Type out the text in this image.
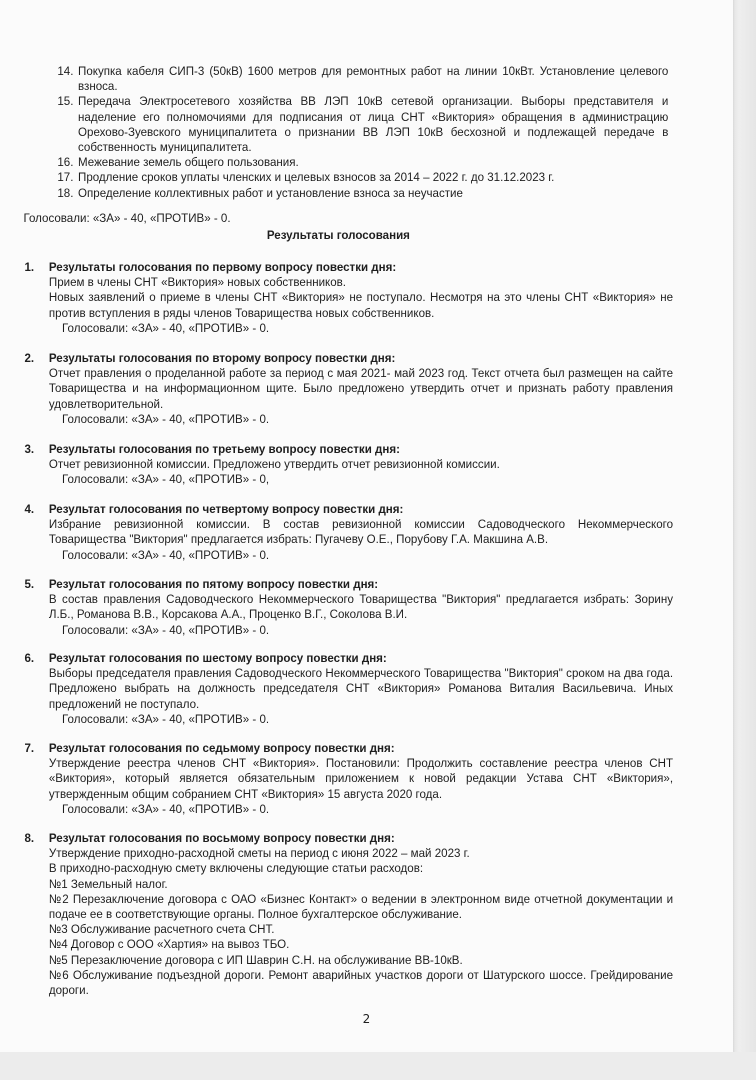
14. Покупка кабеля СИП-3 (50кВ) 1600 метров для ремонтных работ на линии 10кВт. Установление целевого взноса.
15. Передача Электросетевого хозяйства ВВ ЛЭП 10кВ сетевой организации. Выборы представителя и наделение его полномочиями для подписания от лица СНТ «Виктория» обращения в администрацию Орехово-Зуевского муниципалитета о признании ВВ ЛЭП 10кВ бесхозной и подлежащей передаче в собственность муниципалитета.
16. Межевание земель общего пользования.
17. Продление сроков уплаты членских и целевых взносов за 2014 – 2022 г. до 31.12.2023 г.
18. Определение коллективных работ и установление взноса за неучастие
Голосовали: «ЗА» - 40, «ПРОТИВ» - 0.
Результаты голосования
1.	Результаты голосования по первому вопросу повестки дня:

Прием в члены СНТ «Виктория» новых собственников.

Новых заявлений о приеме в члены СНТ «Виктория» не поступало. Несмотря на это члены СНТ «Виктория» не против вступления в ряды членов Товарищества новых собственников.

Голосовали: «ЗА» - 40, «ПРОТИВ» - 0.
2.	Результаты голосования по второму вопросу повестки дня:

Отчет правления о проделанной работе за период с мая 2021- май 2023 год. Текст отчета был размещен на сайте Товарищества и на информационном щите. Было предложено утвердить отчет и признать работу правления удовлетворительной.

Голосовали: «ЗА» - 40, «ПРОТИВ» - 0.
3.	Результаты голосования по третьему вопросу повестки дня:

Отчет ревизионной комиссии. Предложено утвердить отчет ревизионной комиссии.

Голосовали: «ЗА» - 40, «ПРОТИВ» - 0,
4.	Результат голосования по четвертому вопросу повестки дня:

Избрание ревизионной комиссии. В состав ревизионной комиссии Садоводческого Некоммерческого Товарищества "Виктория" предлагается избрать: Пугачеву О.Е., Порубову Г.А. Макшина А.В.

Голосовали: «ЗА» - 40, «ПРОТИВ» - 0.
5.	Результат голосования по пятому вопросу повестки дня:

В состав правления Садоводческого Некоммерческого Товарищества "Виктория" предлагается избрать: Зорину Л.Б., Романова В.В., Корсакова А.А., Проценко В.Г., Соколова В.И.

Голосовали: «ЗА» - 40, «ПРОТИВ» - 0.
6.	Результат голосования по шестому вопросу повестки дня:

Выборы председателя правления Садоводческого Некоммерческого Товарищества "Виктория" сроком на два года. Предложено выбрать на должность председателя СНТ «Виктория» Романова Виталия Васильевича. Иных предложений не поступало.

Голосовали: «ЗА» - 40, «ПРОТИВ» - 0.
7.	Результат голосования по седьмому вопросу повестки дня:

Утверждение реестра членов СНТ «Виктория». Постановили: Продолжить составление реестра членов СНТ «Виктория», который является обязательным приложением к новой редакции Устава СНТ «Виктория», утвержденным общим собранием СНТ «Виктория» 15 августа 2020 года.

Голосовали: «ЗА» - 40, «ПРОТИВ» - 0.
8.	Результат голосования по восьмому вопросу повестки дня:

Утверждение приходно-расходной сметы на период с июня 2022 – май 2023 г.

В приходно-расходную смету включены следующие статьи расходов:

№1 Земельный налог.

№2 Перезаключение договора с ОАО «Бизнес Контакт» о ведении в электронном виде отчетной документации и подаче ее в соответствующие органы. Полное бухгалтерское обслуживание.

№3 Обслуживание расчетного счета СНТ.

№4 Договор с ООО «Хартия» на вывоз ТБО.

№5 Перезаключение договора с ИП Шаврин С.Н. на обслуживание ВВ-10кВ.

№6 Обслуживание подъездной дороги. Ремонт аварийных участков дороги от Шатурского шоссе. Грейдирование дороги.

2
